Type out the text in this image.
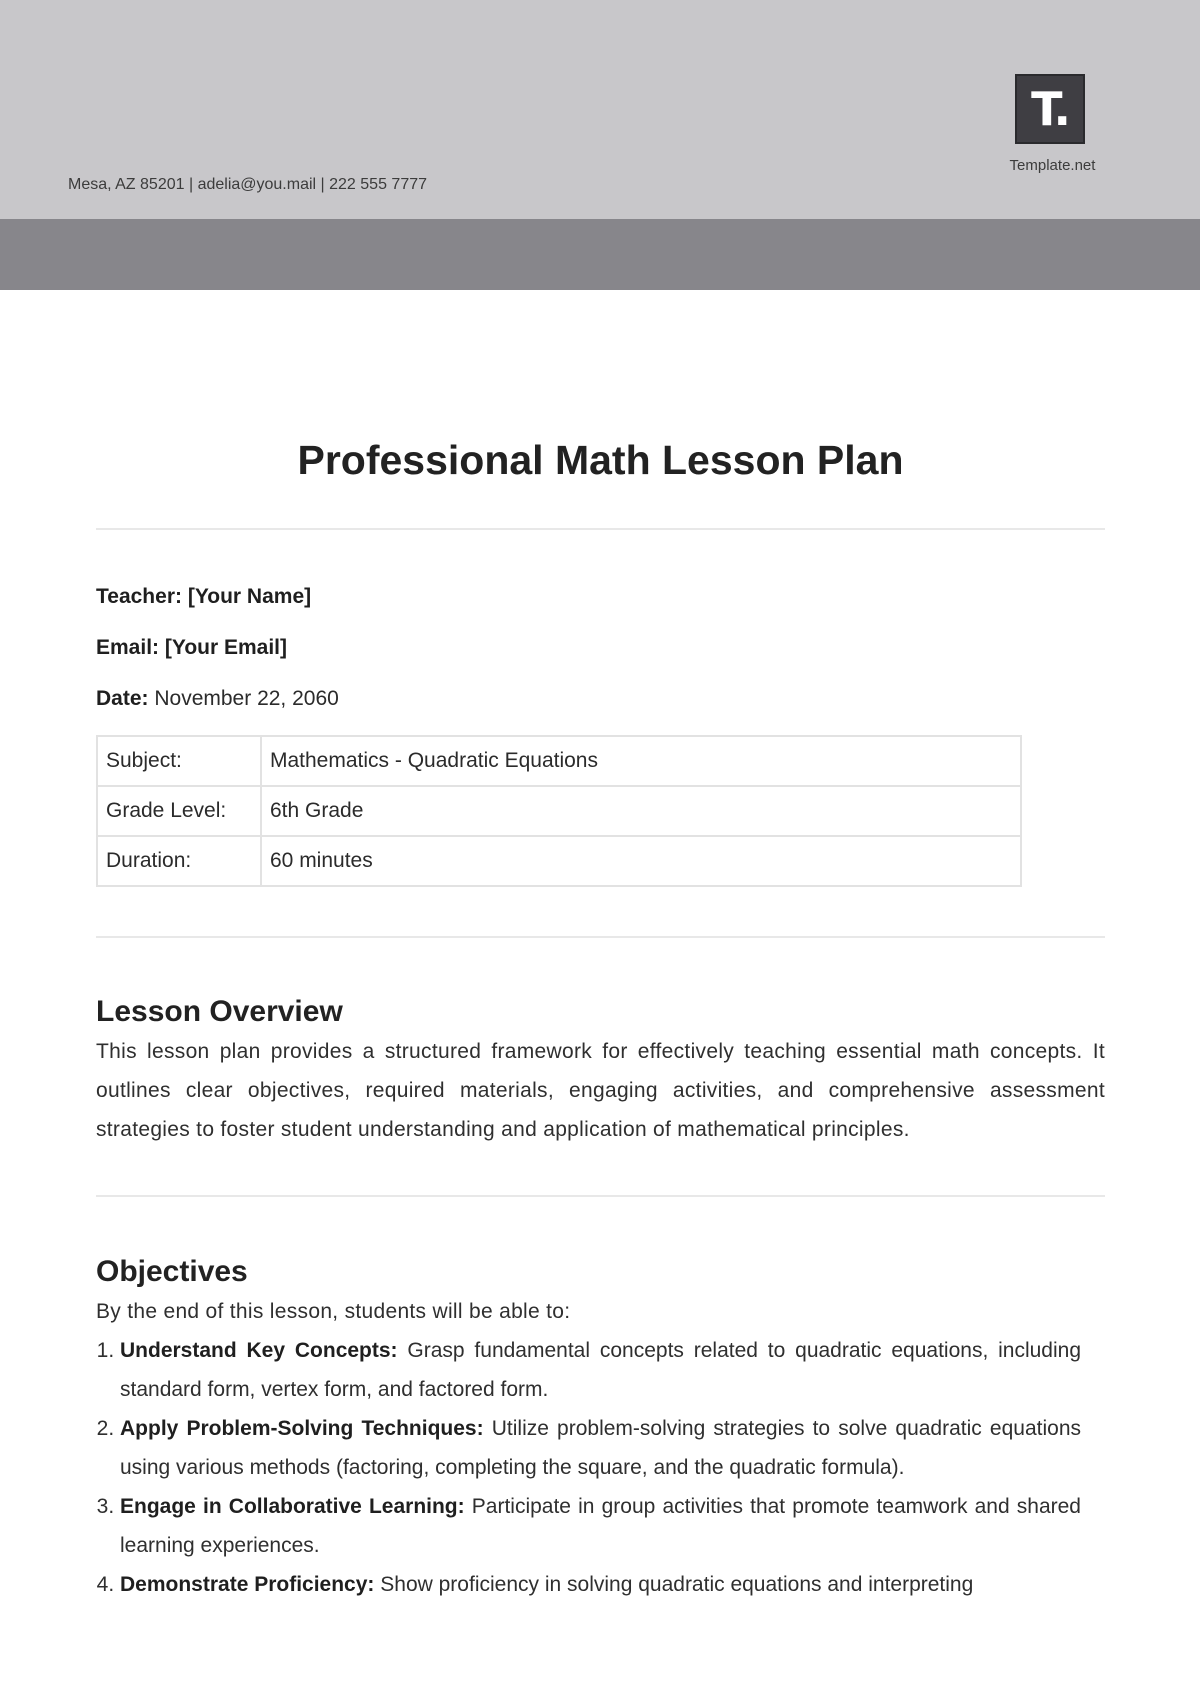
Mesa, AZ 85201 | adelia@you.mail | 222 555 7777
T.
Template.net
Professional Math Lesson Plan

Teacher: [Your Name]

Email: [Your Email]

Date: November 22, 2060

Subject:	Mathematics - Quadratic Equations
Grade Level:	6th Grade
Duration:	60 minutes
Lesson Overview

This lesson plan provides a structured framework for effectively teaching essential math concepts. It outlines clear objectives, required materials, engaging activities, and comprehensive assessment strategies to foster student understanding and application of mathematical principles.

Objectives

By the end of this lesson, students will be able to:

1. Understand Key Concepts: Grasp fundamental concepts related to quadratic equations, including standard form, vertex form, and factored form.
2. Apply Problem-Solving Techniques: Utilize problem-solving strategies to solve quadratic equations using various methods (factoring, completing the square, and the quadratic formula).
3. Engage in Collaborative Learning: Participate in group activities that promote teamwork and shared learning experiences.
4. Demonstrate Proficiency: Show proficiency in solving quadratic equations and interpreting
